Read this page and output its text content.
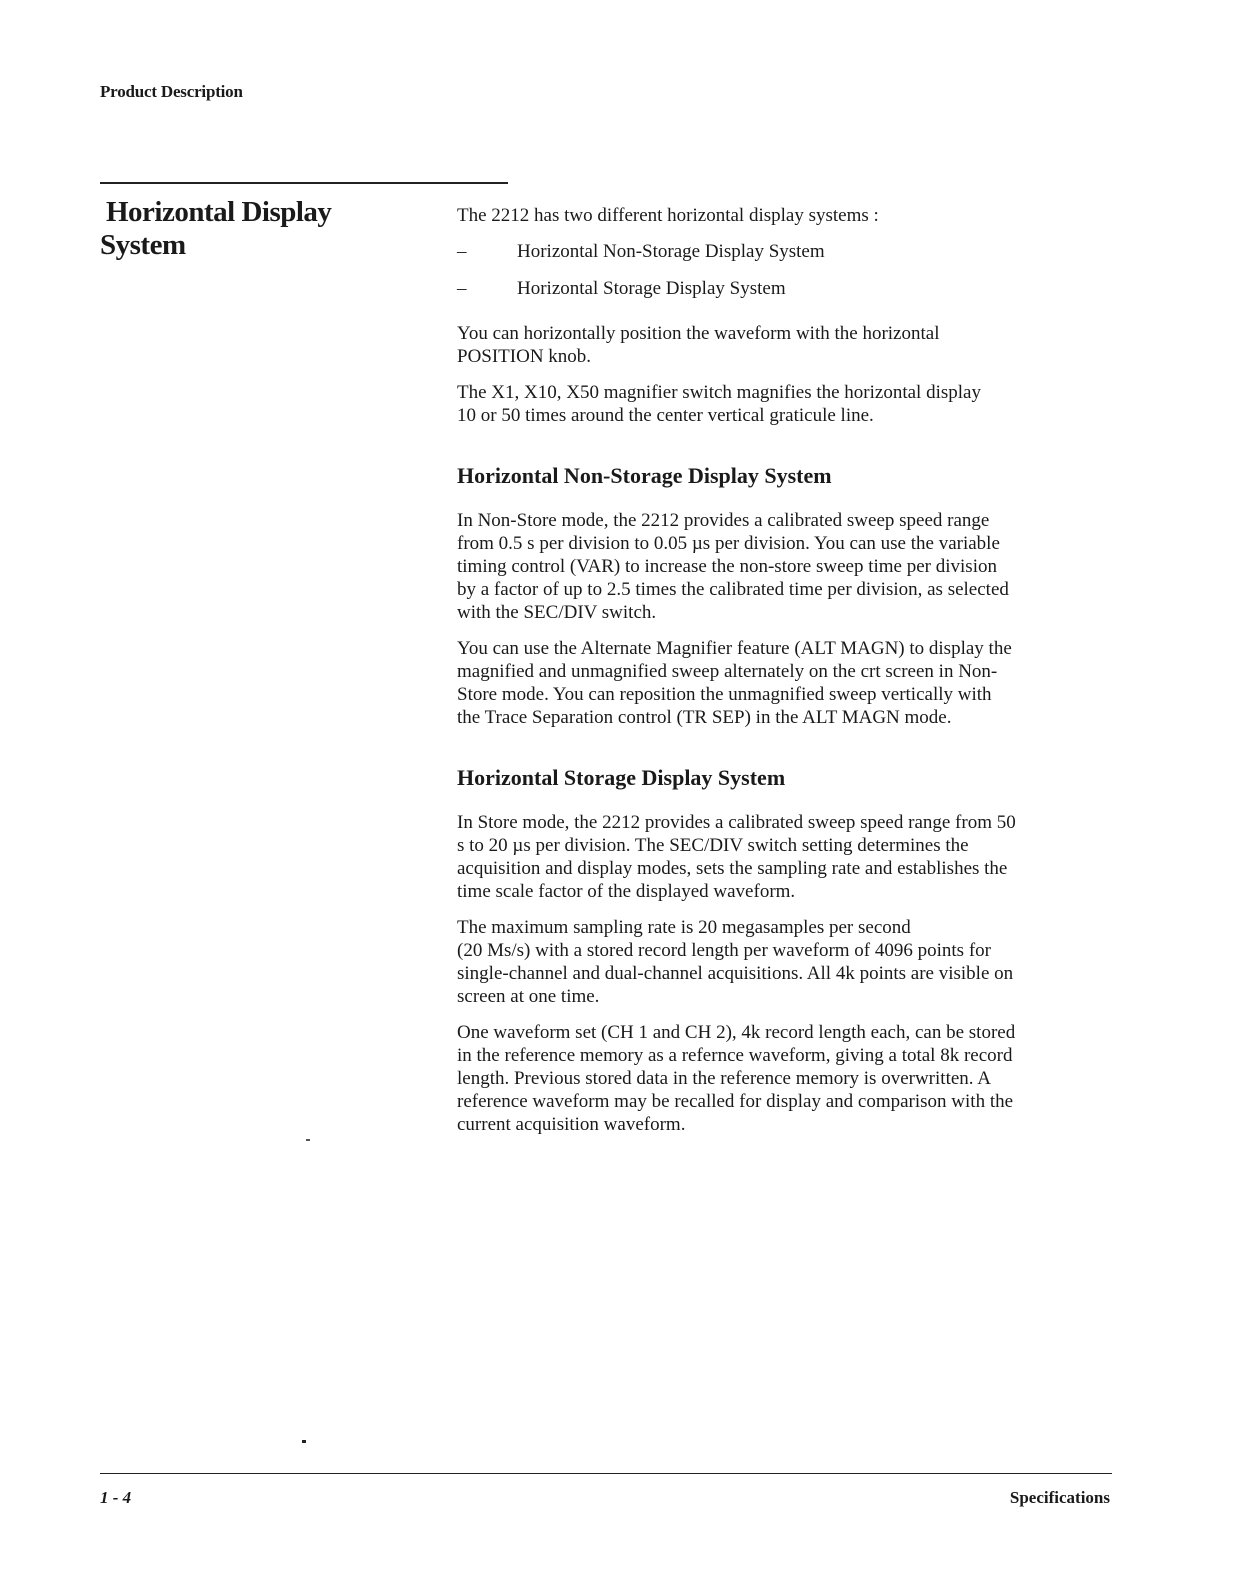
Product Description
Horizontal Display
System

The 2212 has two different horizontal display systems :

–	Horizontal Non-Storage Display System
–	Horizontal Storage Display System

You can horizontally position the waveform with the horizontal
POSITION knob.

The X1, X10, X50 magnifier switch magnifies the horizontal display
10 or 50 times around the center vertical graticule line.

Horizontal Non-Storage Display System

In Non-Store mode, the 2212 provides a calibrated sweep speed range
from 0.5 s per division to 0.05 µs per division. You can use the variable
timing control (VAR) to increase the non-store sweep time per division
by a factor of up to 2.5 times the calibrated time per division, as selected
with the SEC/DIV switch.

You can use the Alternate Magnifier feature (ALT MAGN) to display the
magnified and unmagnified sweep alternately on the crt screen in Non-
Store mode. You can reposition the unmagnified sweep vertically with
the Trace Separation control (TR SEP) in the ALT MAGN mode.

Horizontal Storage Display System

In Store mode, the 2212 provides a calibrated sweep speed range from 50
s to 20 µs per division. The SEC/DIV switch setting determines the
acquisition and display modes, sets the sampling rate and establishes the
time scale factor of the displayed waveform.

The maximum sampling rate is 20 megasamples per second
(20 Ms/s) with a stored record length per waveform of 4096 points for
single-channel and dual-channel acquisitions. All 4k points are visible on
screen at one time.

One waveform set (CH 1 and CH 2), 4k record length each, can be stored
in the reference memory as a refernce waveform, giving a total 8k record
length. Previous stored data in the reference memory is overwritten. A
reference waveform may be recalled for display and comparison with the
current acquisition waveform.

1 - 4	Specifications
